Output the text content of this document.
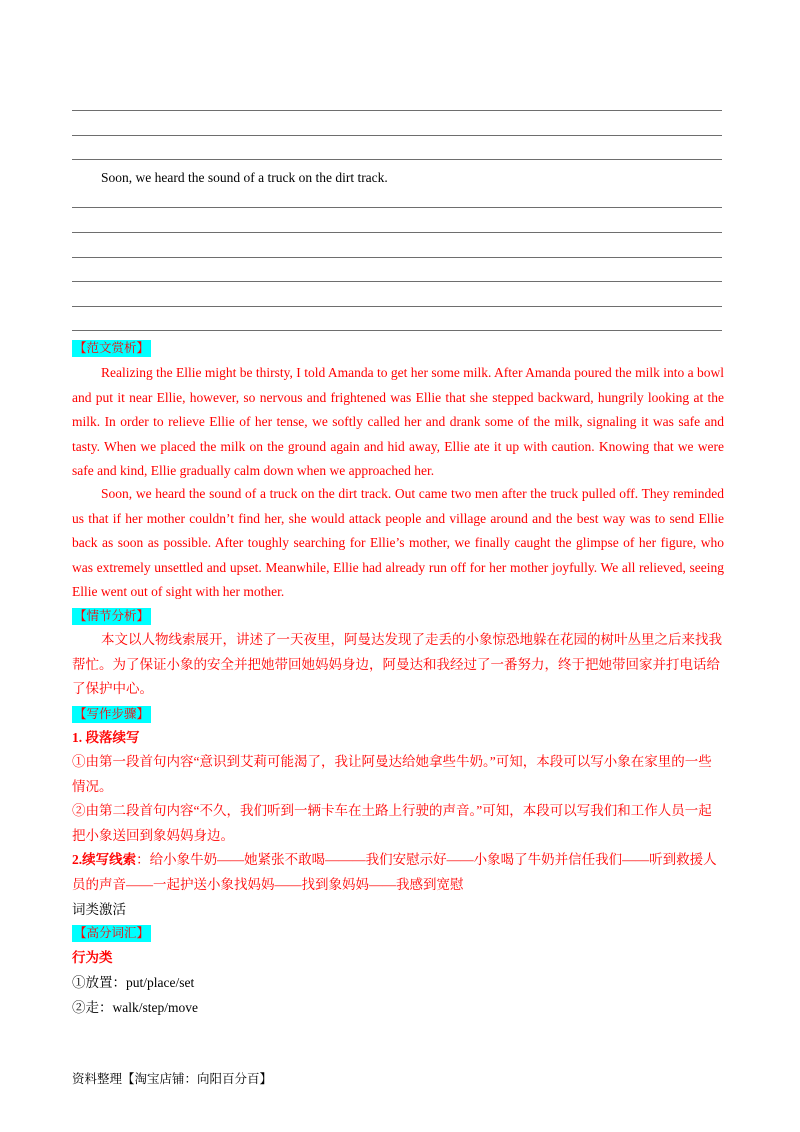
Soon, we heard the sound of a truck on the dirt track.
【范文赏析】

Realizing the Ellie might be thirsty, I told Amanda to get her some milk. After Amanda poured the milk into a bowl and put it near Ellie, however, so nervous and frightened was Ellie that she stepped backward, hungrily looking at the milk. In order to relieve Ellie of her tense, we softly called her and drank some of the milk, signaling it was safe and tasty. When we placed the milk on the ground again and hid away, Ellie ate it up with caution. Knowing that we were safe and kind, Ellie gradually calm down when we approached her.

Soon, we heard the sound of a truck on the dirt track. Out came two men after the truck pulled off. They reminded us that if her mother couldn’t find her, she would attack people and village around and the best way was to send Ellie back as soon as possible. After toughly searching for Ellie’s mother, we finally caught the glimpse of her figure, who was extremely unsettled and upset. Meanwhile, Ellie had already run off for her mother joyfully. We all relieved, seeing Ellie went out of sight with her mother.

【情节分析】

本文以人物线索展开，讲述了一天夜里，阿曼达发现了走丢的小象惊恐地躲在花园的树叶丛里之后来找我帮忙。为了保证小象的安全并把她带回她妈妈身边，阿曼达和我经过了一番努力，终于把她带回家并打电话给了保护中心。

【写作步骤】

1. 段落续写

①由第一段首句内容“意识到艾莉可能渴了，我让阿曼达给她拿些牛奶。”可知，本段可以写小象在家里的一些情况。

②由第二段首句内容“不久，我们听到一辆卡车在土路上行驶的声音。”可知，本段可以写我们和工作人员一起把小象送回到象妈妈身边。

2.续写线索：给小象牛奶——她紧张不敢喝———我们安慰示好——小象喝了牛奶并信任我们——听到救援人员的声音——一起护送小象找妈妈——找到象妈妈——我感到宽慰

词类激活
【高分词汇】
行为类
①放置：put/place/set
②走：walk/step/move
资料整理【淘宝店铺：向阳百分百】
